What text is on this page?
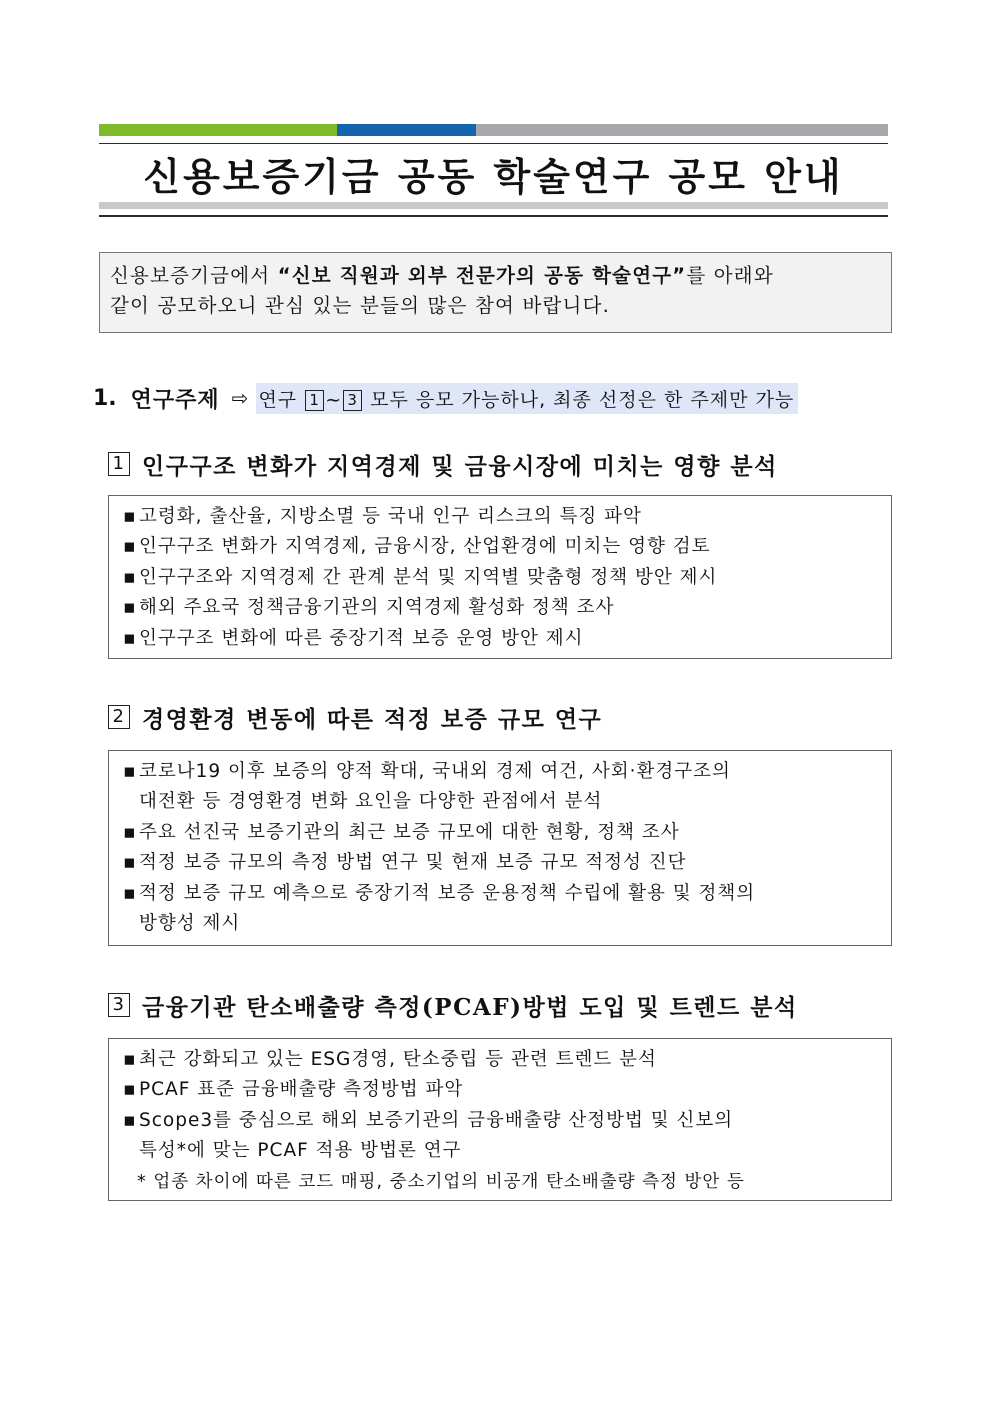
신용보증기금 공동 학술연구 공모 안내
신용보증기금에서 “신보 직원과 외부 전문가의 공동 학술연구”를 아래와
같이 공모하오니 관심 있는 분들의 많은 참여 바랍니다.
1. 연구주제 ⇨ 연구 1 ~ 3 모두 응모 가능하나, 최종 선정은 한 주제만 가능
1 인구구조 변화가 지역경제 및 금융시장에 미치는 영향 분석
▪ 고령화, 출산율, 지방소멸 등 국내 인구 리스크의 특징 파악
▪ 인구구조 변화가 지역경제, 금융시장, 산업환경에 미치는 영향 검토
▪ 인구구조와 지역경제 간 관계 분석 및 지역별 맞춤형 정책 방안 제시
▪ 해외 주요국 정책금융기관의 지역경제 활성화 정책 조사
▪ 인구구조 변화에 따른 중장기적 보증 운영 방안 제시
2 경영환경 변동에 따른 적정 보증 규모 연구
▪ 코로나19 이후 보증의 양적 확대, 국내외 경제 여건, 사회·환경구조의
대전환 등 경영환경 변화 요인을 다양한 관점에서 분석
▪ 주요 선진국 보증기관의 최근 보증 규모에 대한 현황, 정책 조사
▪ 적정 보증 규모의 측정 방법 연구 및 현재 보증 규모 적정성 진단
▪ 적정 보증 규모 예측으로 중장기적 보증 운용정책 수립에 활용 및 정책의
방향성 제시
3 금융기관 탄소배출량 측정(PCAF)방법 도입 및 트렌드 분석
▪ 최근 강화되고 있는 ESG경영, 탄소중립 등 관련 트렌드 분석
▪ PCAF 표준 금융배출량 측정방법 파악
▪ Scope3를 중심으로 해외 보증기관의 금융배출량 산정방법 및 신보의
특성*에 맞는 PCAF 적용 방법론 연구
* 업종 차이에 따른 코드 매핑, 중소기업의 비공개 탄소배출량 측정 방안 등
